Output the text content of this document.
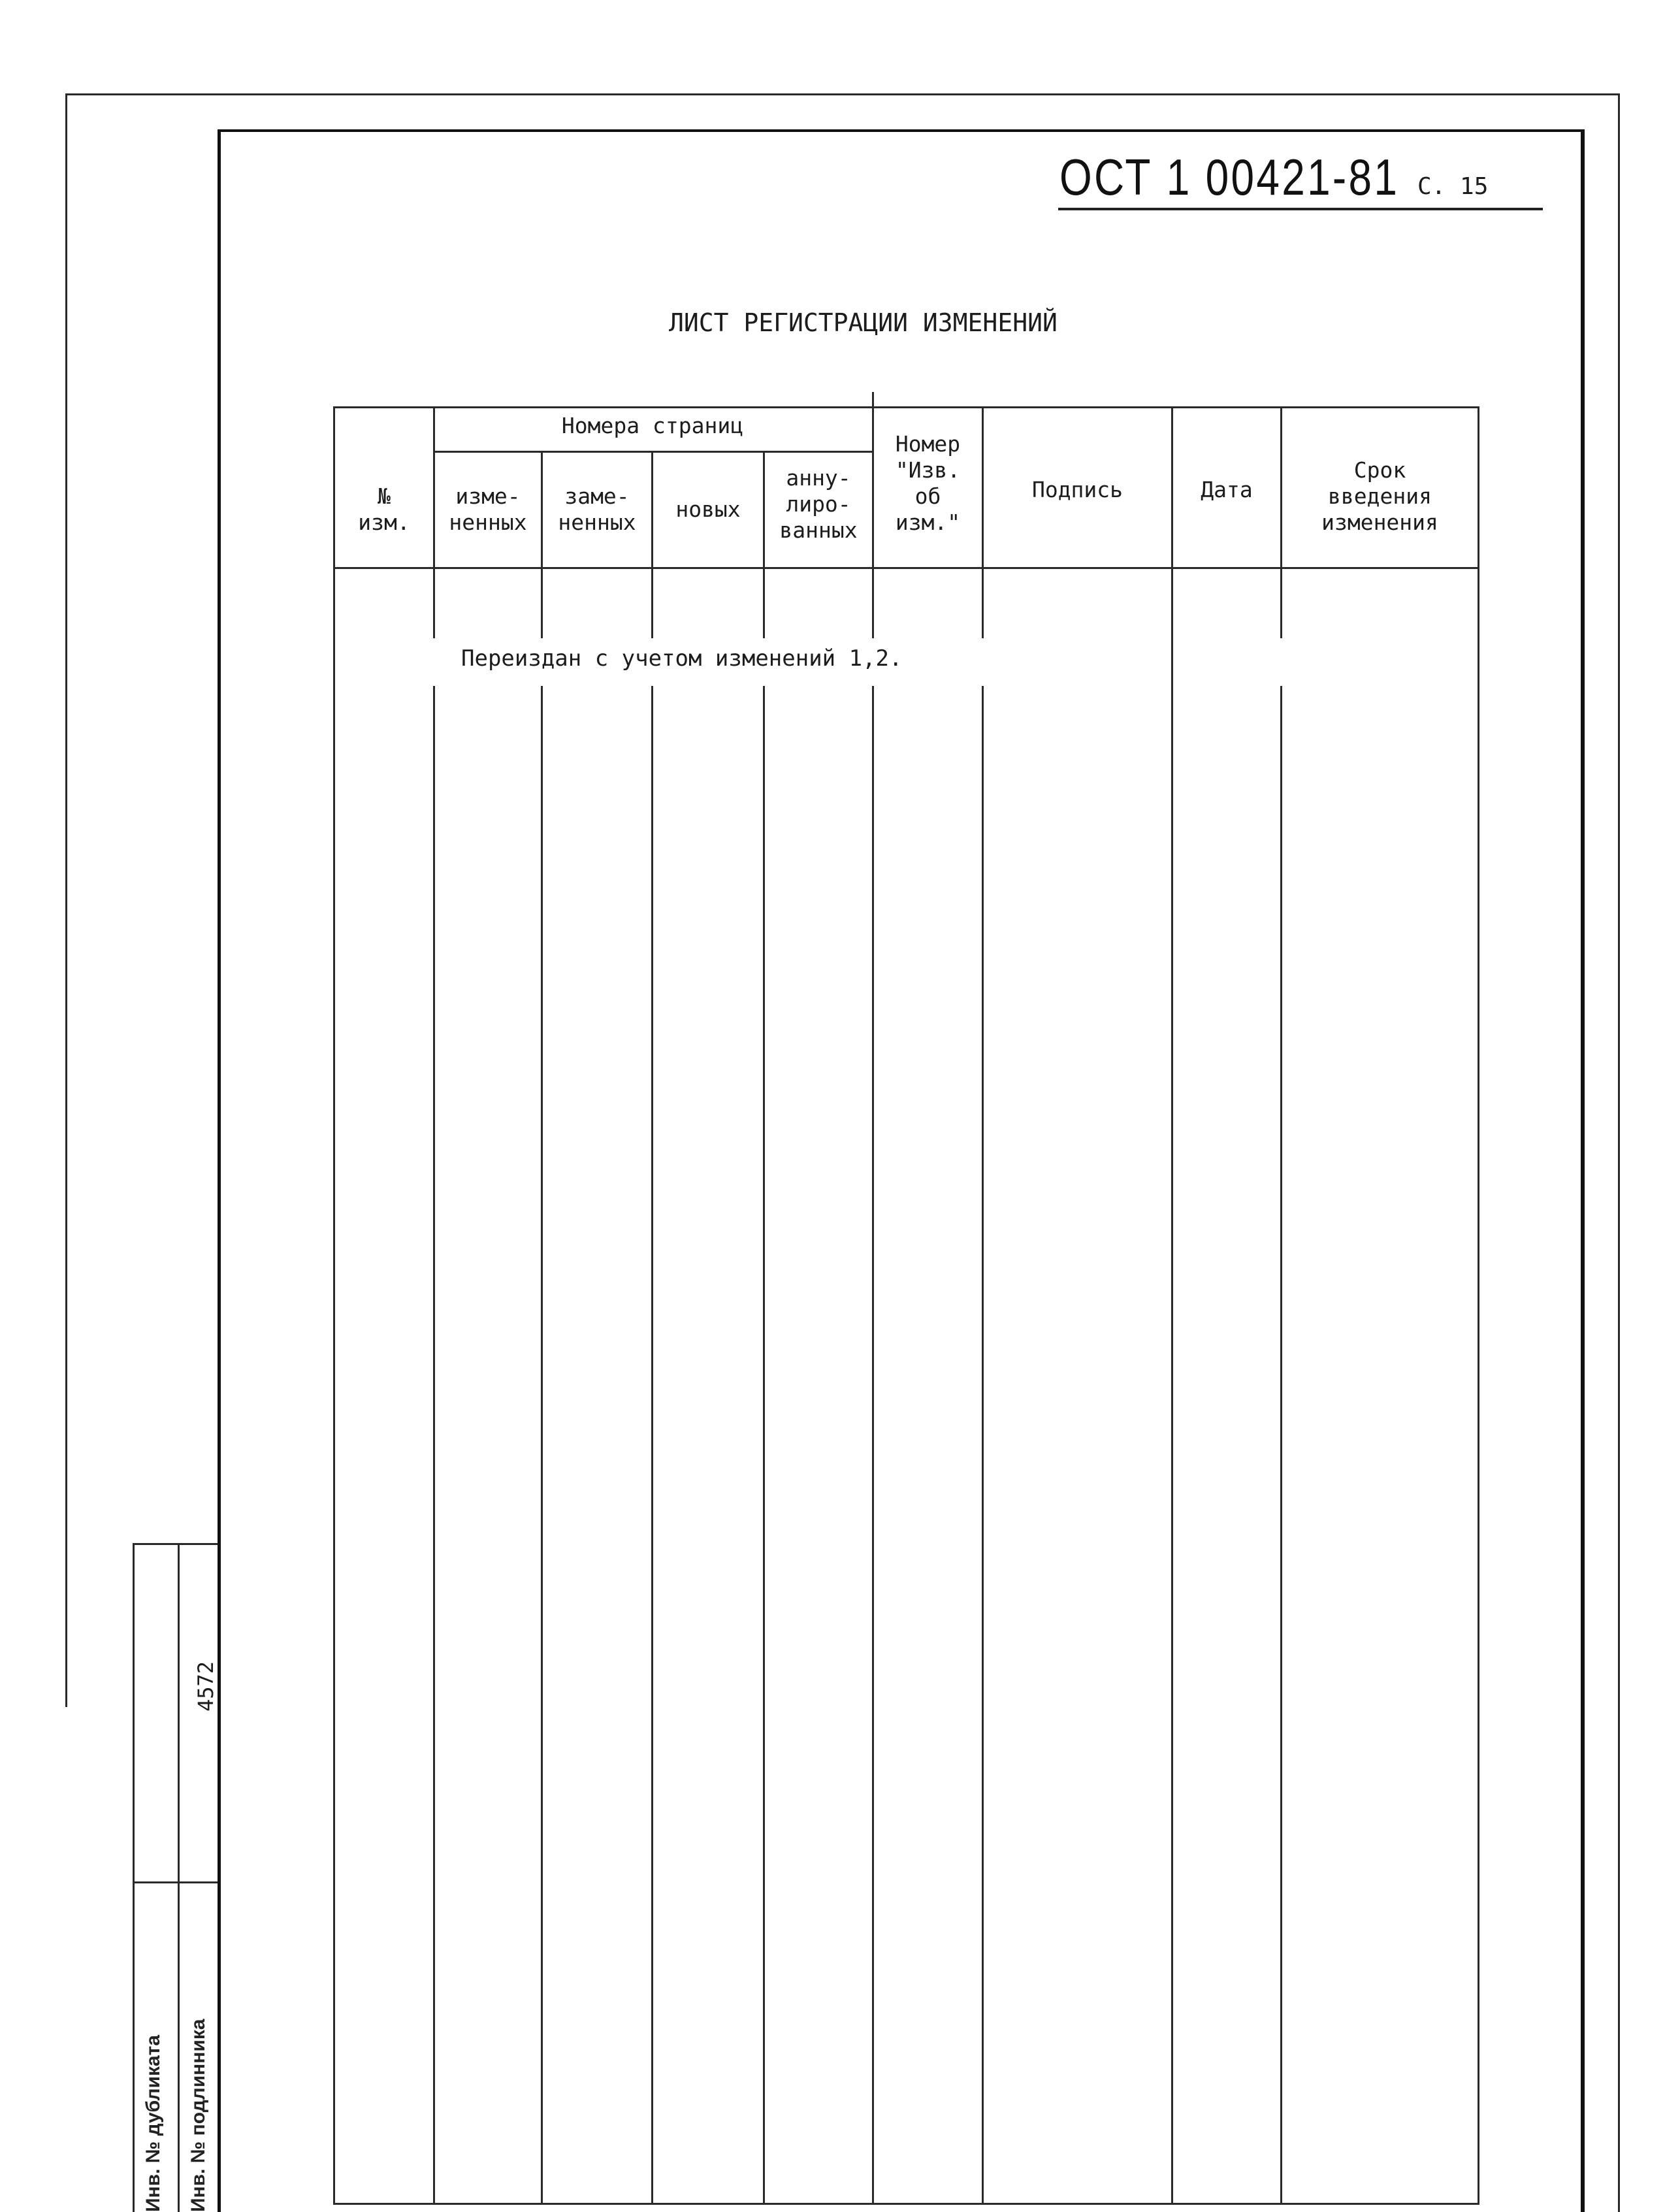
ОСТ 1 00421-81 С. 15
ЛИСТ РЕГИСТРАЦИИ ИЗМЕНЕНИЙ
Номера страниц
№
изм.
изме-
ненных
заме-
ненных
новых
анну-
лиро-
ванных
Номер
"Изв.
об
изм."
Подпись	Дата
Срок
введения
изменения
Переиздан с учетом изменений 1,2.
4572
Инв. № дубликата Инв. № подлинника
